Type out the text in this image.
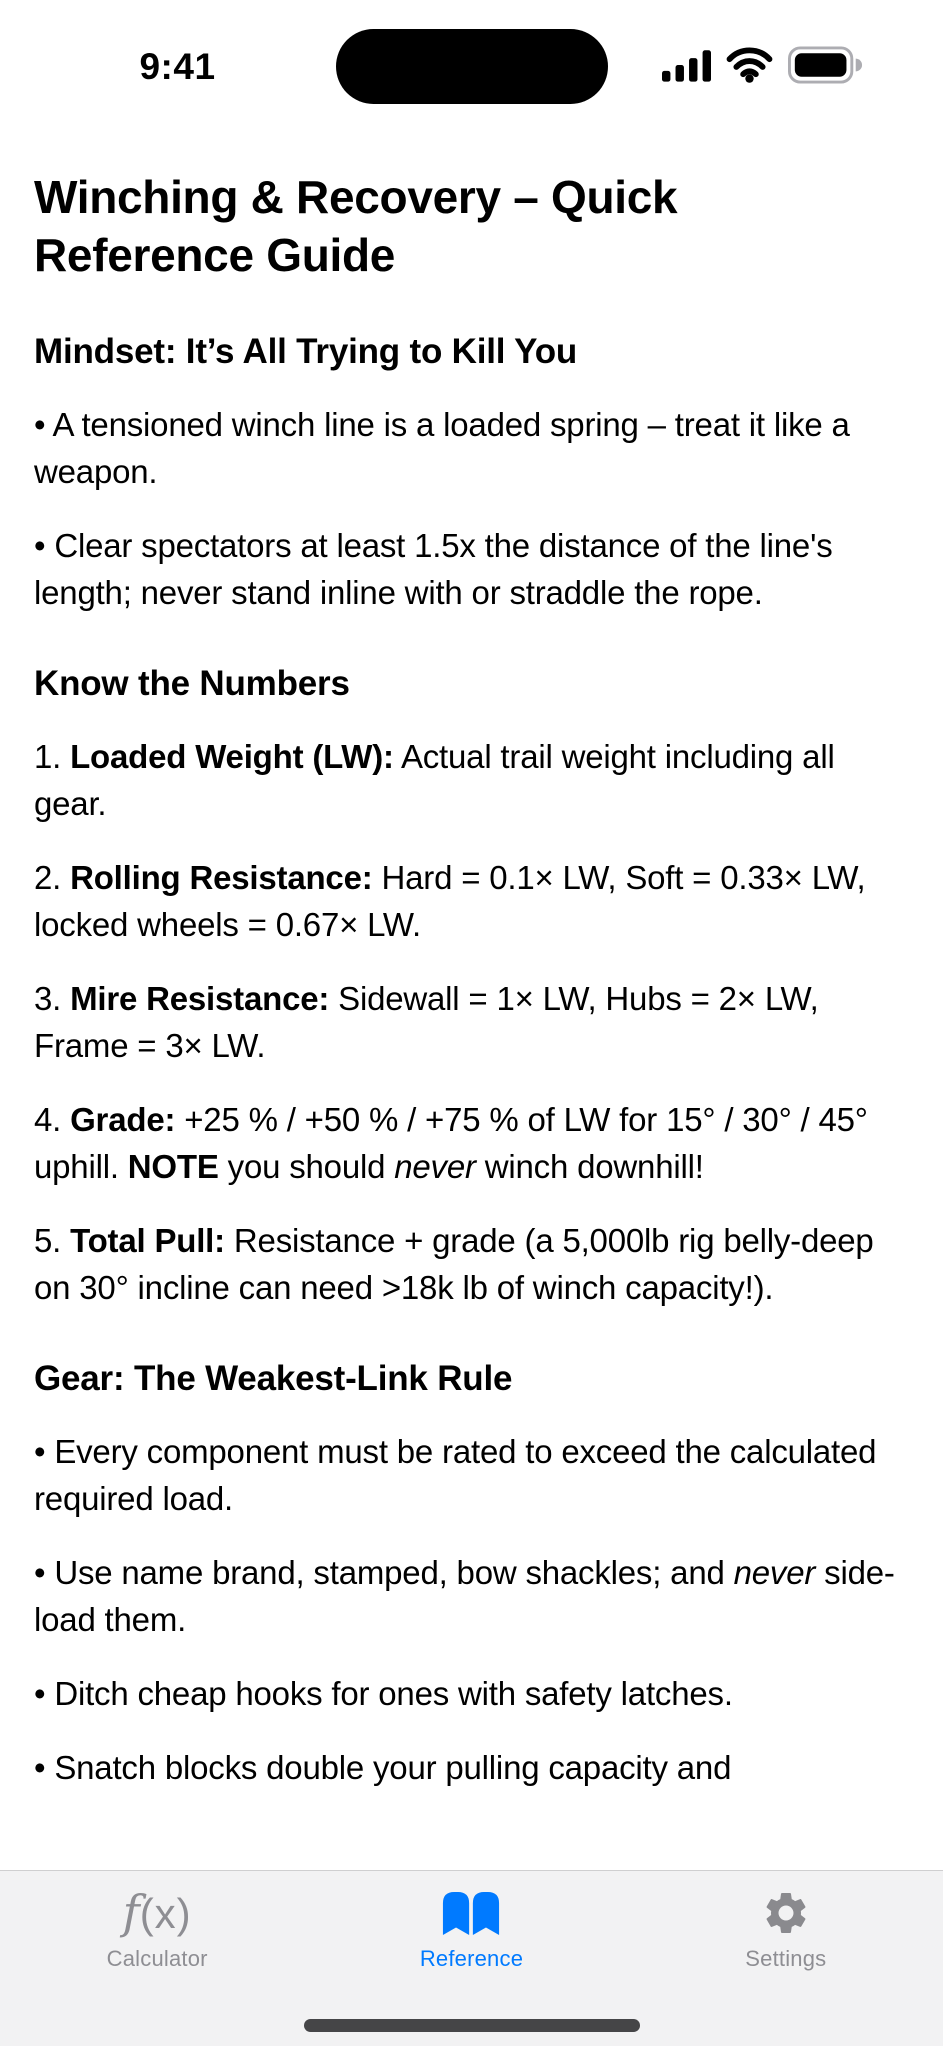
Winching & Recovery – Quick Reference Guide
Mindset: It’s All Trying to Kill You

• A tensioned winch line is a loaded spring – treat it like a weapon.

• Clear spectators at least 1.5x the distance of the line's length; never stand inline with or straddle the rope.

Know the Numbers

1. Loaded Weight (LW): Actual trail weight including all gear.

2. Rolling Resistance: Hard = 0.1× LW, Soft = 0.33× LW, locked wheels = 0.67× LW.

3. Mire Resistance: Sidewall = 1× LW, Hubs = 2× LW, Frame = 3× LW.

4. Grade: +25 % / +50 % / +75 % of LW for 15° / 30° / 45° uphill. NOTE you should never winch downhill!

5. Total Pull: Resistance + grade (a 5,000lb rig belly-deep on 30° incline can need >18k lb of winch capacity!).

Gear: The Weakest-Link Rule

• Every component must be rated to exceed the calculated required load.

• Use name brand, stamped, bow shackles; and never side-load them.

• Ditch cheap hooks for ones with safety latches.

• Snatch blocks double your pulling capacity and

9:41
f(x)
Calculator	Reference	Settings
